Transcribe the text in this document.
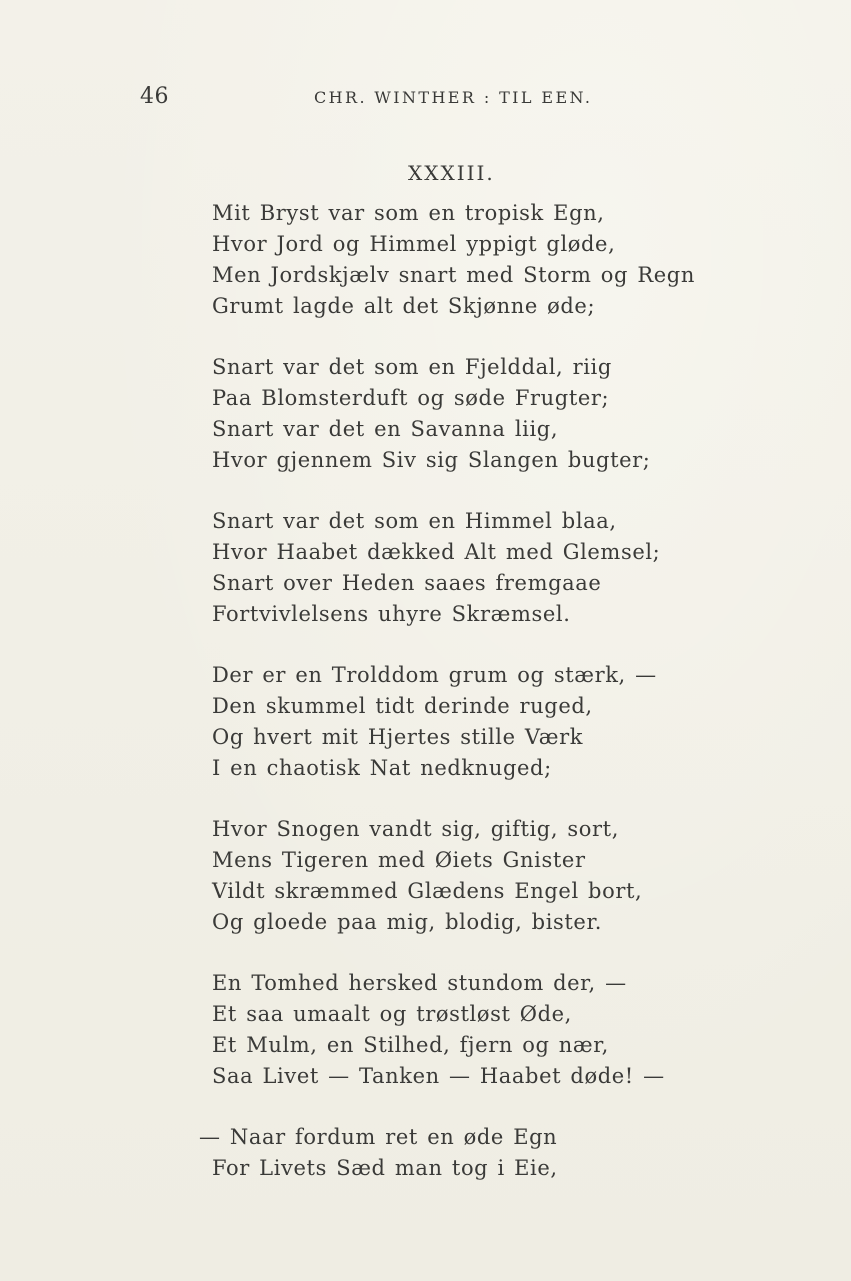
46	CHR. WINTHER : TIL EEN.
XXXIII.
Mit Bryst var som en tropisk Egn,
Hvor Jord og Himmel yppigt gløde,
Men Jordskjælv snart med Storm og Regn
Grumt lagde alt det Skjønne øde;
Snart var det som en Fjelddal, riig
Paa Blomsterduft og søde Frugter;
Snart var det en Savanna liig,
Hvor gjennem Siv sig Slangen bugter;
Snart var det som en Himmel blaa,
Hvor Haabet dækked Alt med Glemsel;
Snart over Heden saaes fremgaae
Fortvivlelsens uhyre Skræmsel.
Der er en Trolddom grum og stærk, —
Den skummel tidt derinde ruged,
Og hvert mit Hjertes stille Værk
I en chaotisk Nat nedknuged;
Hvor Snogen vandt sig, giftig, sort,
Mens Tigeren med Øiets Gnister
Vildt skræmmed Glædens Engel bort,
Og gloede paa mig, blodig, bister.
En Tomhed hersked stundom der, —
Et saa umaalt og trøstløst Øde,
Et Mulm, en Stilhed, fjern og nær,
Saa Livet — Tanken — Haabet døde! —
— Naar fordum ret en øde Egn
For Livets Sæd man tog i Eie,
